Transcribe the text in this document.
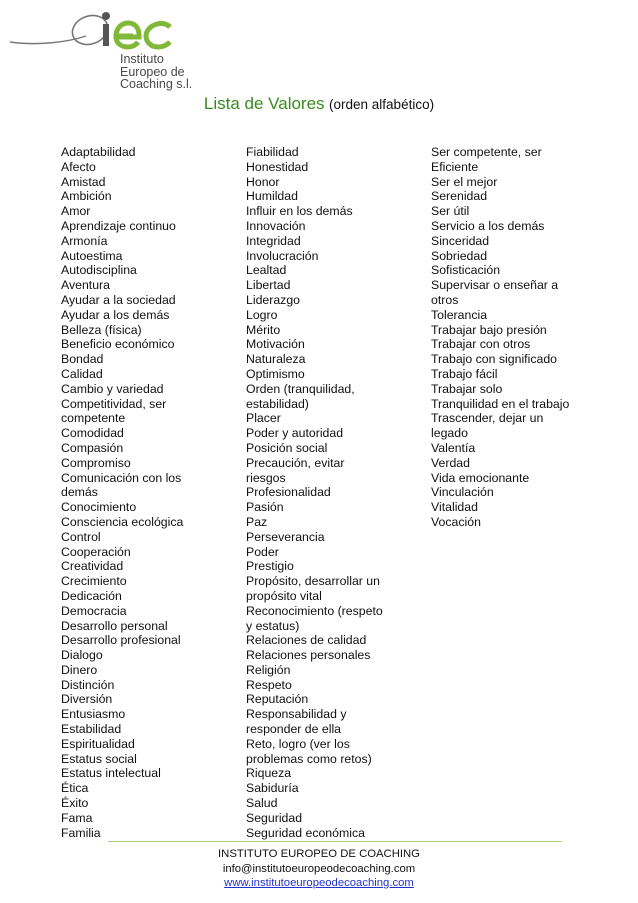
Instituto
Europeo de
Coaching s.l.
Lista de Valores (orden alfabético)
Adaptabilidad
Afecto
Amistad
Ambición
Amor
Aprendizaje continuo
Armonía
Autoestima
Autodisciplina
Aventura
Ayudar a la sociedad
Ayudar a los demás
Belleza (física)
Beneficio económico
Bondad
Calidad
Cambio y variedad
Competitividad, ser
competente
Comodidad
Compasión
Compromiso
Comunicación con los
demás
Conocimiento
Consciencia ecológica
Control
Cooperación
Creatividad
Crecimiento
Dedicación
Democracia
Desarrollo personal
Desarrollo profesional
Dialogo
Dinero
Distinción
Diversión
Entusiasmo
Estabilidad
Espiritualidad
Estatus social
Estatus intelectual
Ética
Éxito
Fama
Familia
Fiabilidad
Honestidad
Honor
Humildad
Influir en los demás
Innovación
Integridad
Involucración
Lealtad
Libertad
Liderazgo
Logro
Mérito
Motivación
Naturaleza
Optimismo
Orden (tranquilidad,
estabilidad)
Placer
Poder y autoridad
Posición social
Precaución, evitar
riesgos
Profesionalidad
Pasión
Paz
Perseverancia
Poder
Prestigio
Propósito, desarrollar un
propósito vital
Reconocimiento (respeto
y estatus)
Relaciones de calidad
Relaciones personales
Religión
Respeto
Reputación
Responsabilidad y
responder de ella
Reto, logro (ver los
problemas como retos)
Riqueza
Sabiduría
Salud
Seguridad
Seguridad económica
Ser competente, ser
Eficiente
Ser el mejor
Serenidad
Ser útil
Servicio a los demás
Sinceridad
Sobriedad
Sofisticación
Supervisar o enseñar a
otros
Tolerancia
Trabajar bajo presión
Trabajar con otros
Trabajo con significado
Trabajo fácil
Trabajar solo
Tranquilidad en el trabajo
Trascender, dejar un
legado
Valentía
Verdad
Vida emocionante
Vinculación
Vitalidad
Vocación
INSTITUTO EUROPEO DE COACHING
info@institutoeuropeodecoaching.com
www.institutoeuropeodecoaching.com
